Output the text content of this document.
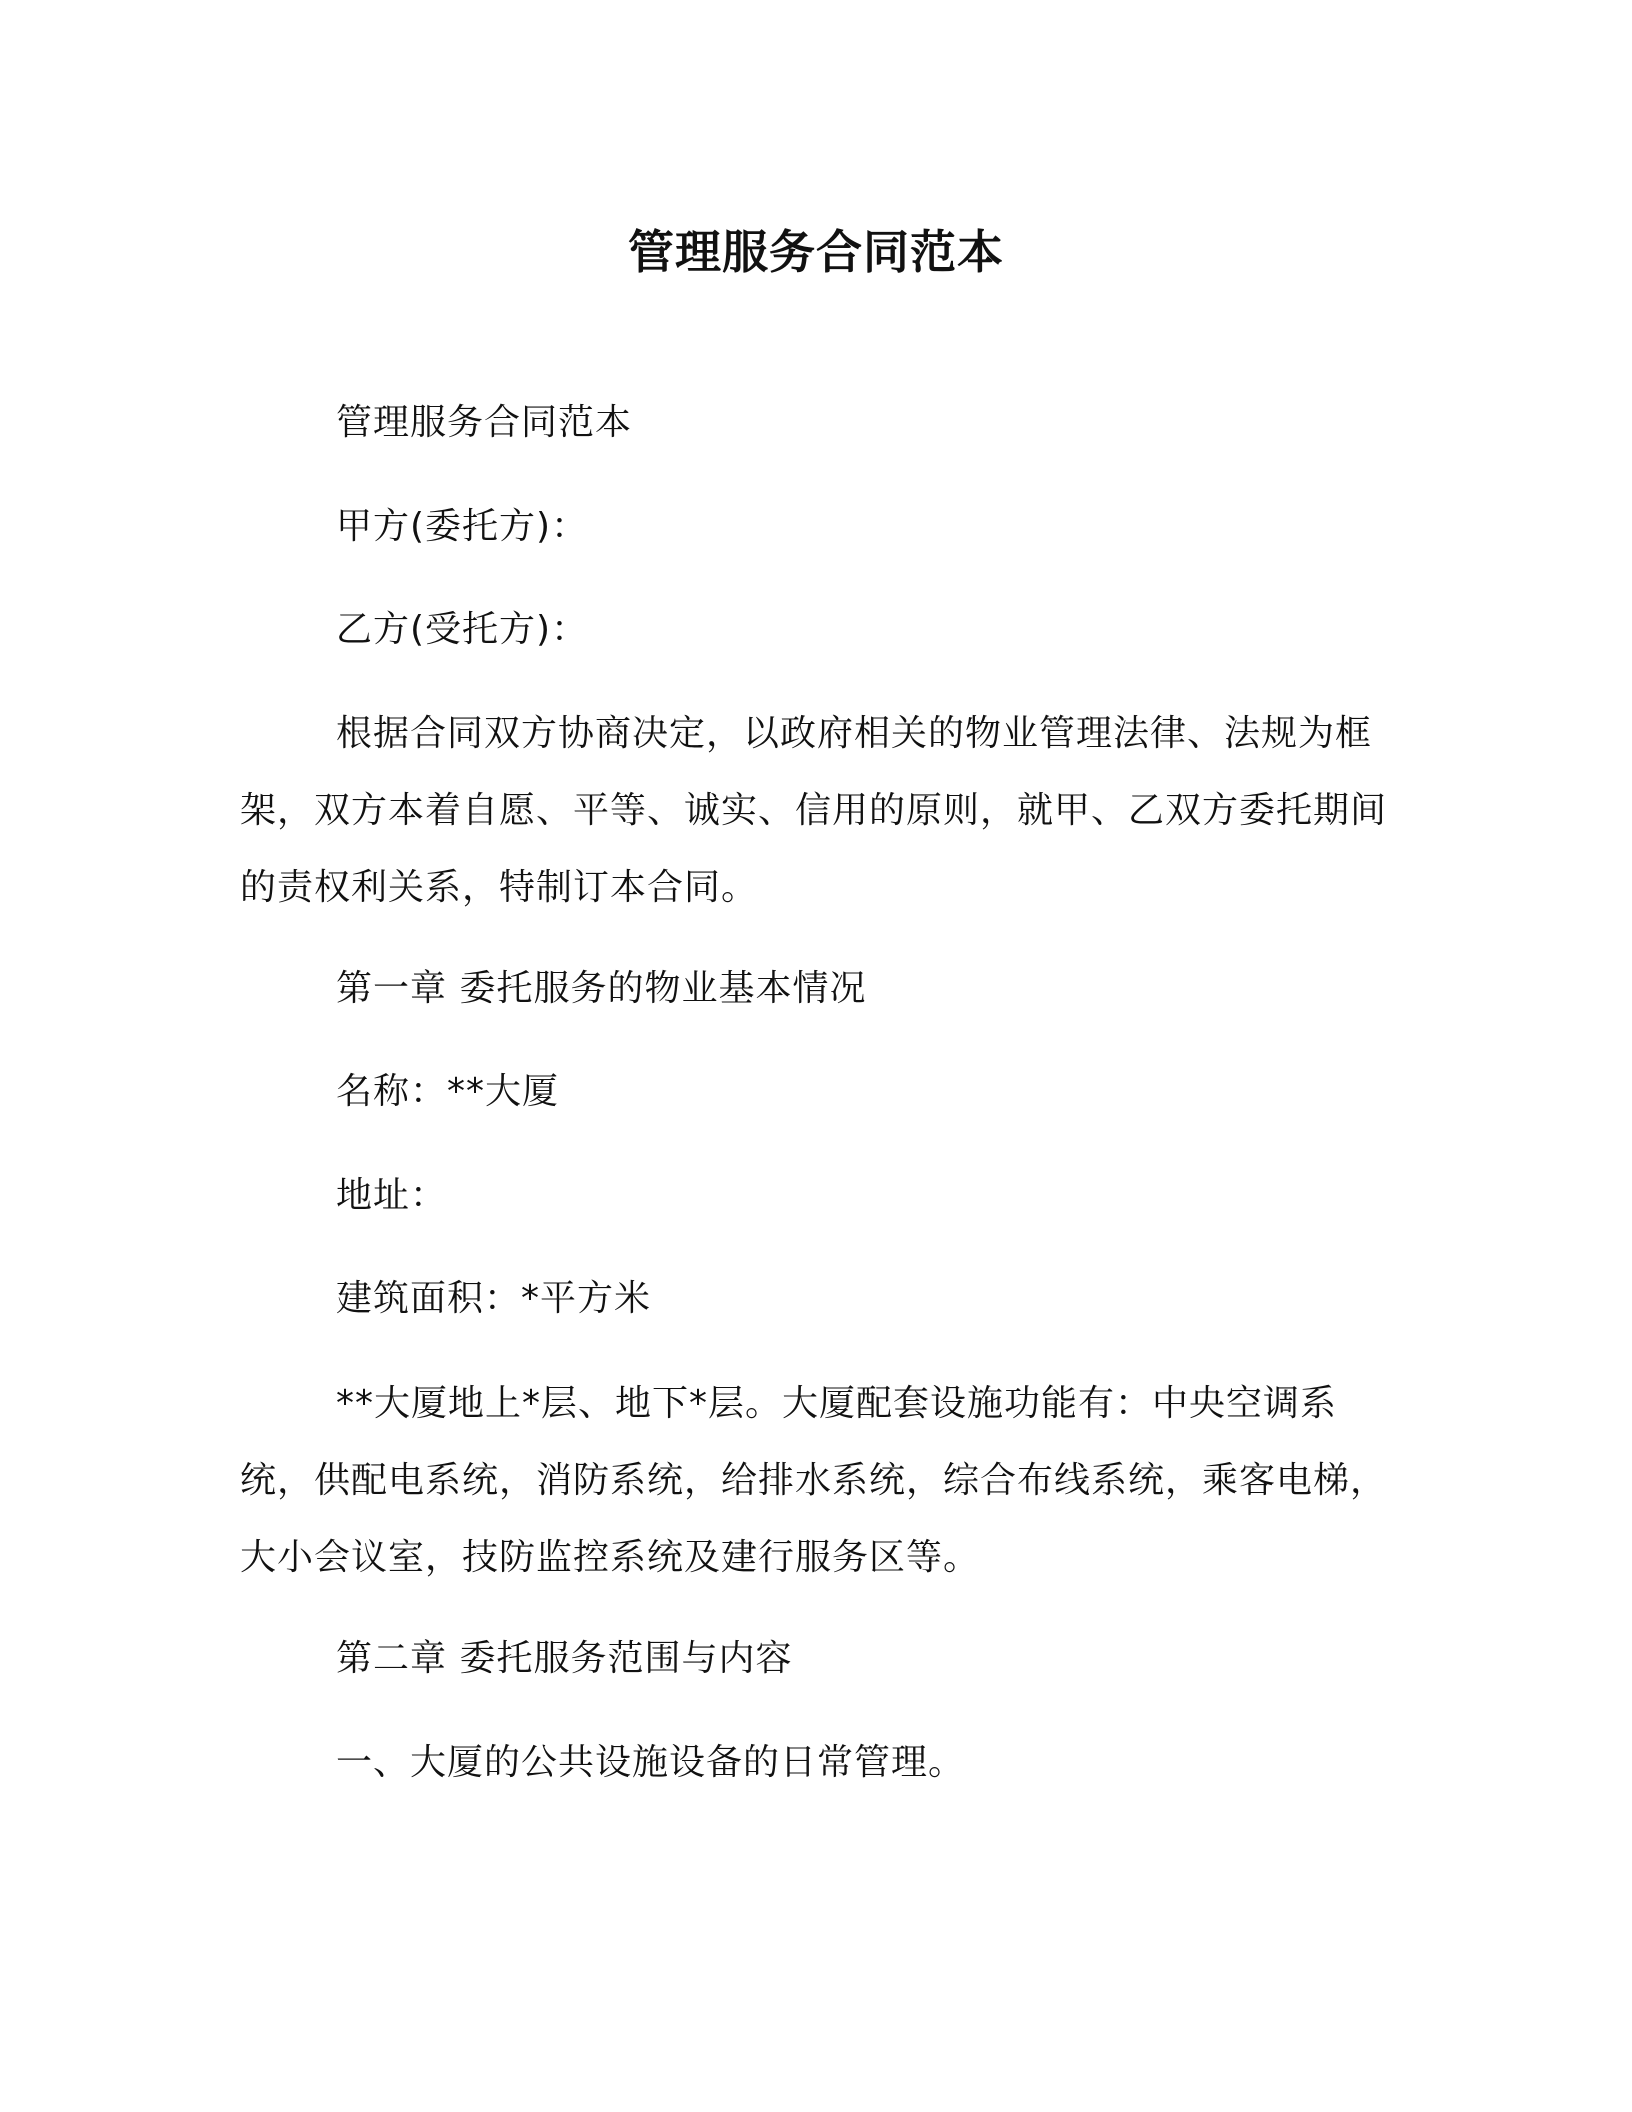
管理服务合同范本

管理服务合同范本

甲方(委托方)：

乙方(受托方)：

根据合同双方协商决定，以政府相关的物业管理法律、法规为框架，双方本着自愿、平等、诚实、信用的原则，就甲、乙双方委托期间的责权利关系，特制订本合同。

第一章 委托服务的物业基本情况

名称：**大厦

地址：

建筑面积：*平方米

**大厦地上*层、地下*层。大厦配套设施功能有：中央空调系统，供配电系统，消防系统，给排水系统，综合布线系统，乘客电梯，大小会议室，技防监控系统及建行服务区等。

第二章 委托服务范围与内容

一、大厦的公共设施设备的日常管理。
